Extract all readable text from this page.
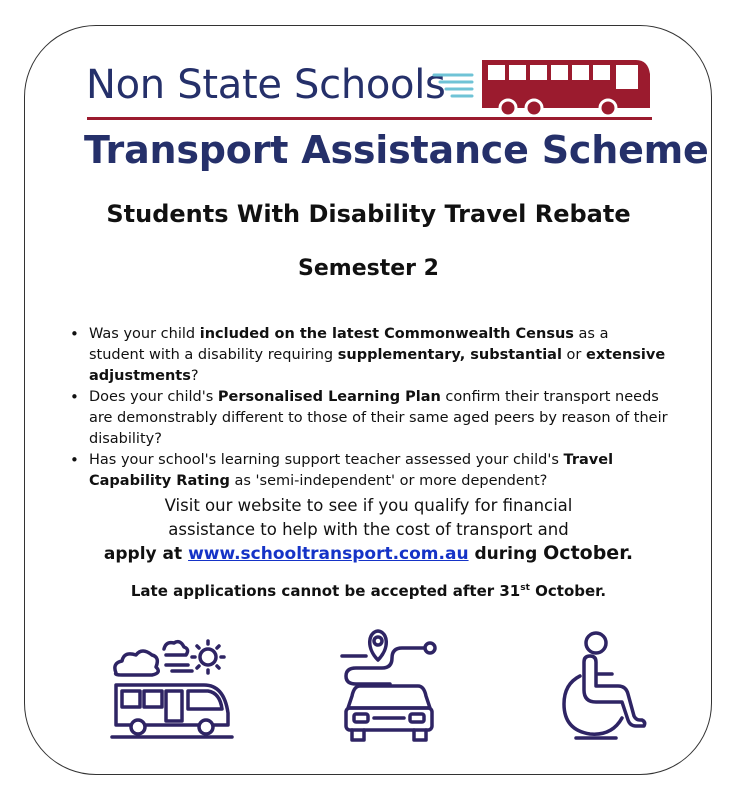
Non State Schools
Transport Assistance Scheme
Students With Disability Travel Rebate
Semester 2
• Was your child included on the latest Commonwealth Census as a student with a disability requiring supplementary, substantial or extensive adjustments?
• Does your child's Personalised Learning Plan confirm their transport needs are demonstrably different to those of their same aged peers by reason of their disability?
• Has your school's learning support teacher assessed your child's Travel Capability Rating as 'semi-independent' or more dependent?
Visit our website to see if you qualify for financial
assistance to help with the cost of transport and
apply at www.schooltransport.com.au during October.
Late applications cannot be accepted after 31st October.
